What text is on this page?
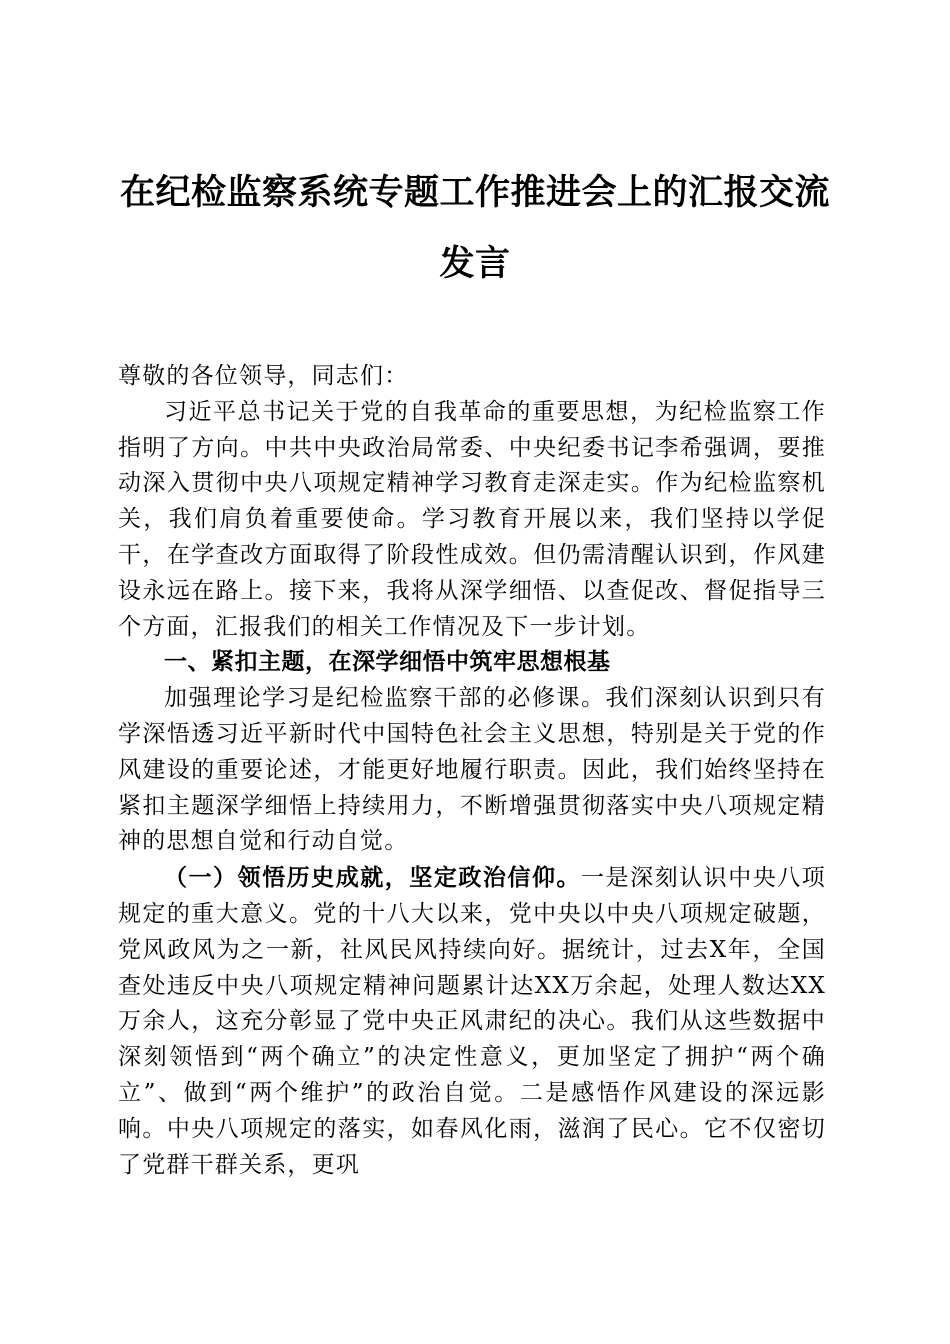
在纪检监察系统专题工作推进会上的汇报交流
发言

尊敬的各位领导，同志们：

习近平总书记关于党的自我革命的重要思想，为纪检监察工作指明了方向。中共中央政治局常委、中央纪委书记李希强调，要推动深入贯彻中央八项规定精神学习教育走深走实。作为纪检监察机关，我们肩负着重要使命。学习教育开展以来，我们坚持以学促干，在学查改方面取得了阶段性成效。但仍需清醒认识到，作风建设永远在路上。接下来，我将从深学细悟、以查促改、督促指导三个方面，汇报我们的相关工作情况及下一步计划。

一、紧扣主题，在深学细悟中筑牢思想根基

加强理论学习是纪检监察干部的必修课。我们深刻认识到只有学深悟透习近平新时代中国特色社会主义思想，特别是关于党的作风建设的重要论述，才能更好地履行职责。因此，我们始终坚持在紧扣主题深学细悟上持续用力，不断增强贯彻落实中央八项规定精神的思想自觉和行动自觉。

（一）领悟历史成就，坚定政治信仰。一是深刻认识中央八项规定的重大意义。党的十八大以来，党中央以中央八项规定破题，党风政风为之一新，社风民风持续向好。据统计，过去X年，全国查处违反中央八项规定精神问题累计达XX万余起，处理人数达XX万余人，这充分彰显了党中央正风肃纪的决心。我们从这些数据中深刻领悟到“两个确立”的决定性意义，更加坚定了拥护“两个确立”、做到“两个维护”的政治自觉。二是感悟作风建设的深远影响。中央八项规定的落实，如春风化雨，滋润了民心。它不仅密切了党群干群关系，更巩
